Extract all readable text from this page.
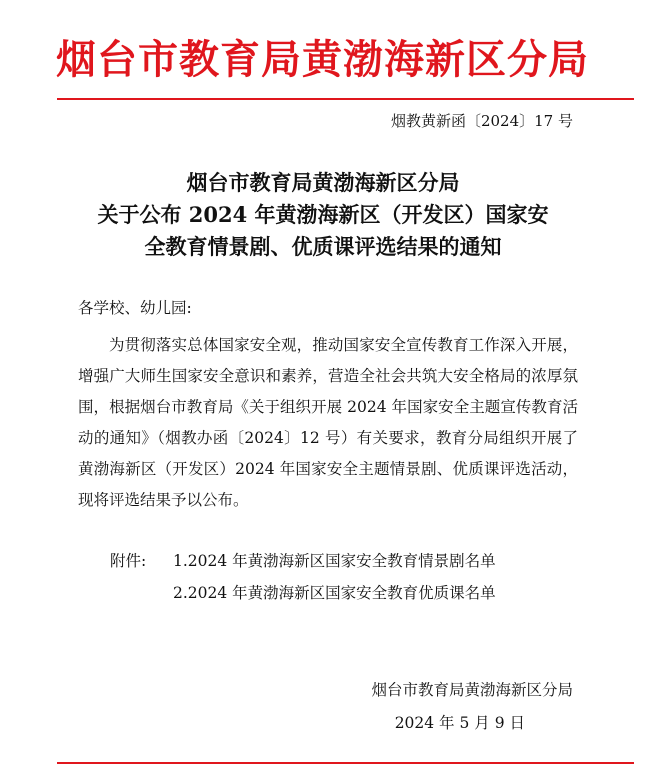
烟台市教育局黄渤海新区分局
烟教黄新函〔2024〕17 号
烟台市教育局黄渤海新区分局
关于公布 2024 年黄渤海新区（开发区）国家安
全教育情景剧、优质课评选结果的通知
各学校、幼儿园:
为贯彻落实总体国家安全观，推动国家安全宣传教育工作深入开展，增强广大师生国家安全意识和素养，营造全社会共筑大安全格局的浓厚氛围，根据烟台市教育局《关于组织开展 2024 年国家安全主题宣传教育活动的通知》（烟教办函〔2024〕12 号）有关要求，教育分局组织开展了黄渤海新区（开发区）2024 年国家安全主题情景剧、优质课评选活动，现将评选结果予以公布。
附件:	1.2024 年黄渤海新区国家安全教育情景剧名单
2.2024 年黄渤海新区国家安全教育优质课名单
烟台市教育局黄渤海新区分局
2024 年 5 月 9 日
